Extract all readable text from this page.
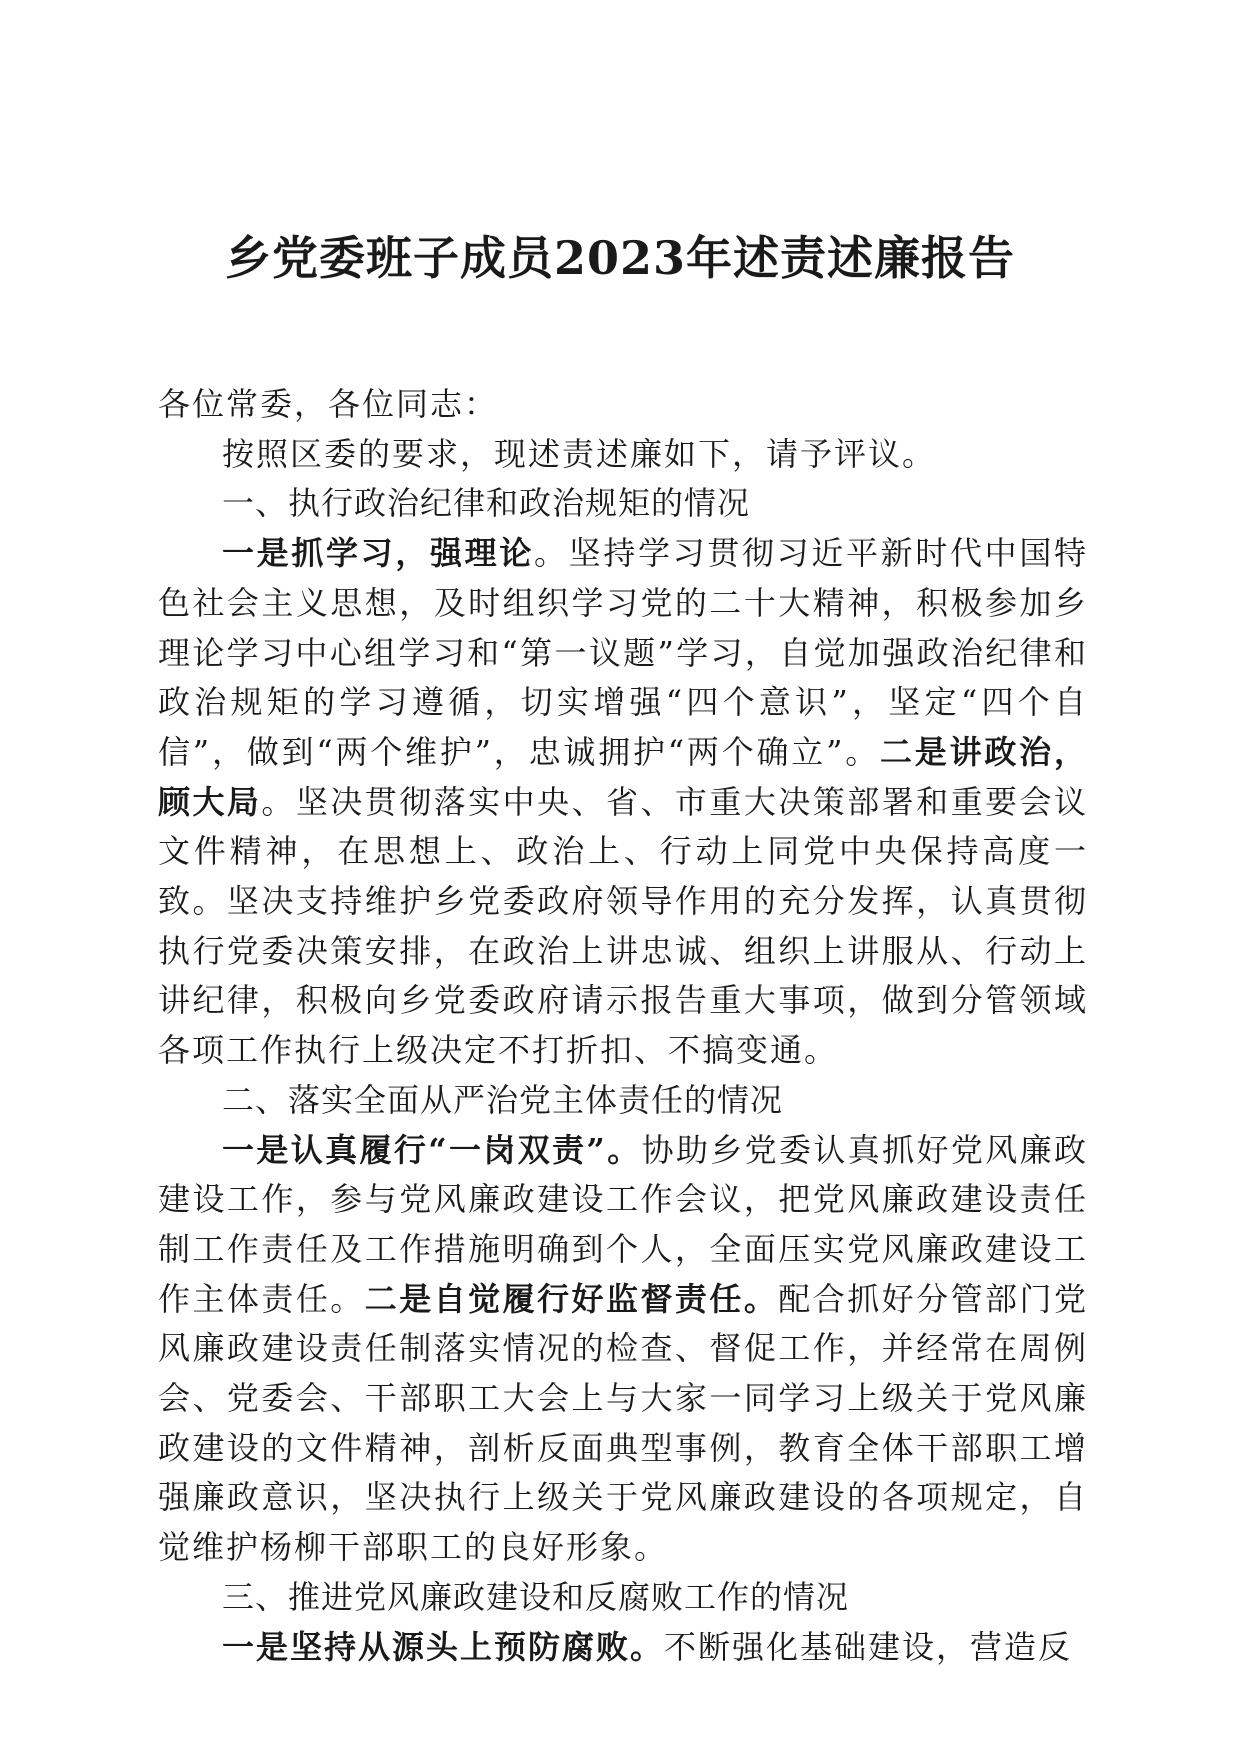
乡党委班子成员2023年述责述廉报告

各位常委，各位同志：

按照区委的要求，现述责述廉如下，请予评议。

一、执行政治纪律和政治规矩的情况

一是抓学习，强理论。坚持学习贯彻习近平新时代中国特色社会主义思想，及时组织学习党的二十大精神，积极参加乡理论学习中心组学习和“第一议题”学习，自觉加强政治纪律和政治规矩的学习遵循，切实增强“四个意识”，坚定“四个自信”，做到“两个维护”，忠诚拥护“两个确立”。二是讲政治，顾大局。坚决贯彻落实中央、省、市重大决策部署和重要会议文件精神，在思想上、政治上、行动上同党中央保持高度一致。坚决支持维护乡党委政府领导作用的充分发挥，认真贯彻执行党委决策安排，在政治上讲忠诚、组织上讲服从、行动上讲纪律，积极向乡党委政府请示报告重大事项，做到分管领域各项工作执行上级决定不打折扣、不搞变通。

二、落实全面从严治党主体责任的情况

一是认真履行“一岗双责”。协助乡党委认真抓好党风廉政建设工作，参与党风廉政建设工作会议，把党风廉政建设责任制工作责任及工作措施明确到个人，全面压实党风廉政建设工作主体责任。二是自觉履行好监督责任。配合抓好分管部门党风廉政建设责任制落实情况的检查、督促工作，并经常在周例会、党委会、干部职工大会上与大家一同学习上级关于党风廉政建设的文件精神，剖析反面典型事例，教育全体干部职工增强廉政意识，坚决执行上级关于党风廉政建设的各项规定，自觉维护杨柳干部职工的良好形象。

三、推进党风廉政建设和反腐败工作的情况

一是坚持从源头上预防腐败。不断强化基础建设，营造反
